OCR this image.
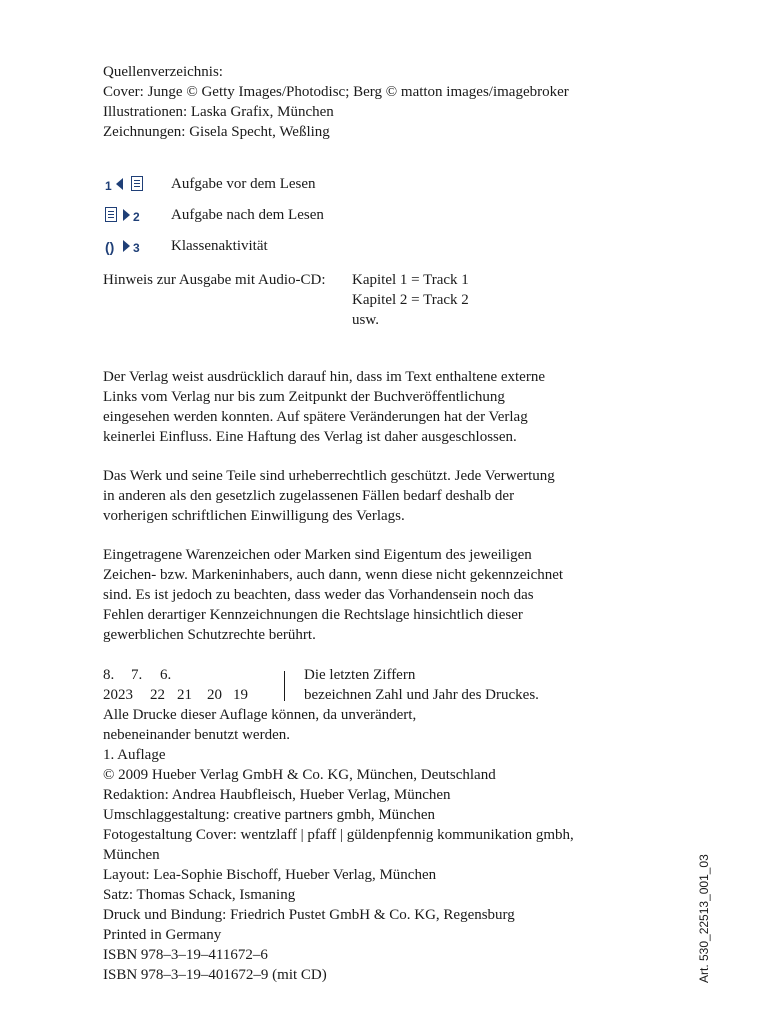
Quellenverzeichnis:
Cover: Junge © Getty Images/Photodisc; Berg © matton images/imagebroker
Illustrationen: Laska Grafix, München
Zeichnungen: Gisela Specht, Weßling
1	Aufgabe vor dem Lesen
2 Aufgabe nach dem Lesen
() 3 Klassenaktivität
Hinweis zur Ausgabe mit Audio-CD: Kapitel 1 = Track 1
Kapitel 2 = Track 2
usw.
Der Verlag weist ausdrücklich darauf hin, dass im Text enthaltene externe
Links vom Verlag nur bis zum Zeitpunkt der Buchveröffentlichung
eingesehen werden konnten. Auf spätere Veränderungen hat der Verlag
keinerlei Einfluss. Eine Haftung des Verlag ist daher ausgeschlossen.
Das Werk und seine Teile sind urheberrechtlich geschützt. Jede Verwertung
in anderen als den gesetzlich zugelassenen Fällen bedarf deshalb der
vorherigen schriftlichen Einwilligung des Verlags.
Eingetragene Warenzeichen oder Marken sind Eigentum des jeweiligen
Zeichen- bzw. Markeninhabers, auch dann, wenn diese nicht gekennzeichnet
sind. Es ist jedoch zu beachten, dass weder das Vorhandensein noch das
Fehlen derartiger Kennzeichnungen die Rechtslage hinsichtlich dieser
gewerblichen Schutzrechte berührt.
8. 7. 6.
2023 22 21 20 19
Die letzten Ziffern
bezeichnen Zahl und Jahr des Druckes.
Alle Drucke dieser Auflage können, da unverändert,
nebeneinander benutzt werden.
1. Auflage
© 2009 Hueber Verlag GmbH & Co. KG, München, Deutschland
Redaktion: Andrea Haubfleisch, Hueber Verlag, München
Umschlaggestaltung: creative partners gmbh, München
Fotogestaltung Cover: wentzlaff | pfaff | güldenpfennig kommunikation gmbh,
München
Layout: Lea-Sophie Bischoff, Hueber Verlag, München
Satz: Thomas Schack, Ismaning
Druck und Bindung: Friedrich Pustet GmbH & Co. KG, Regensburg
Printed in Germany
ISBN 978–3–19–411672–6
ISBN 978–3–19–401672–9 (mit CD)	Art. 530_22513_001_03
